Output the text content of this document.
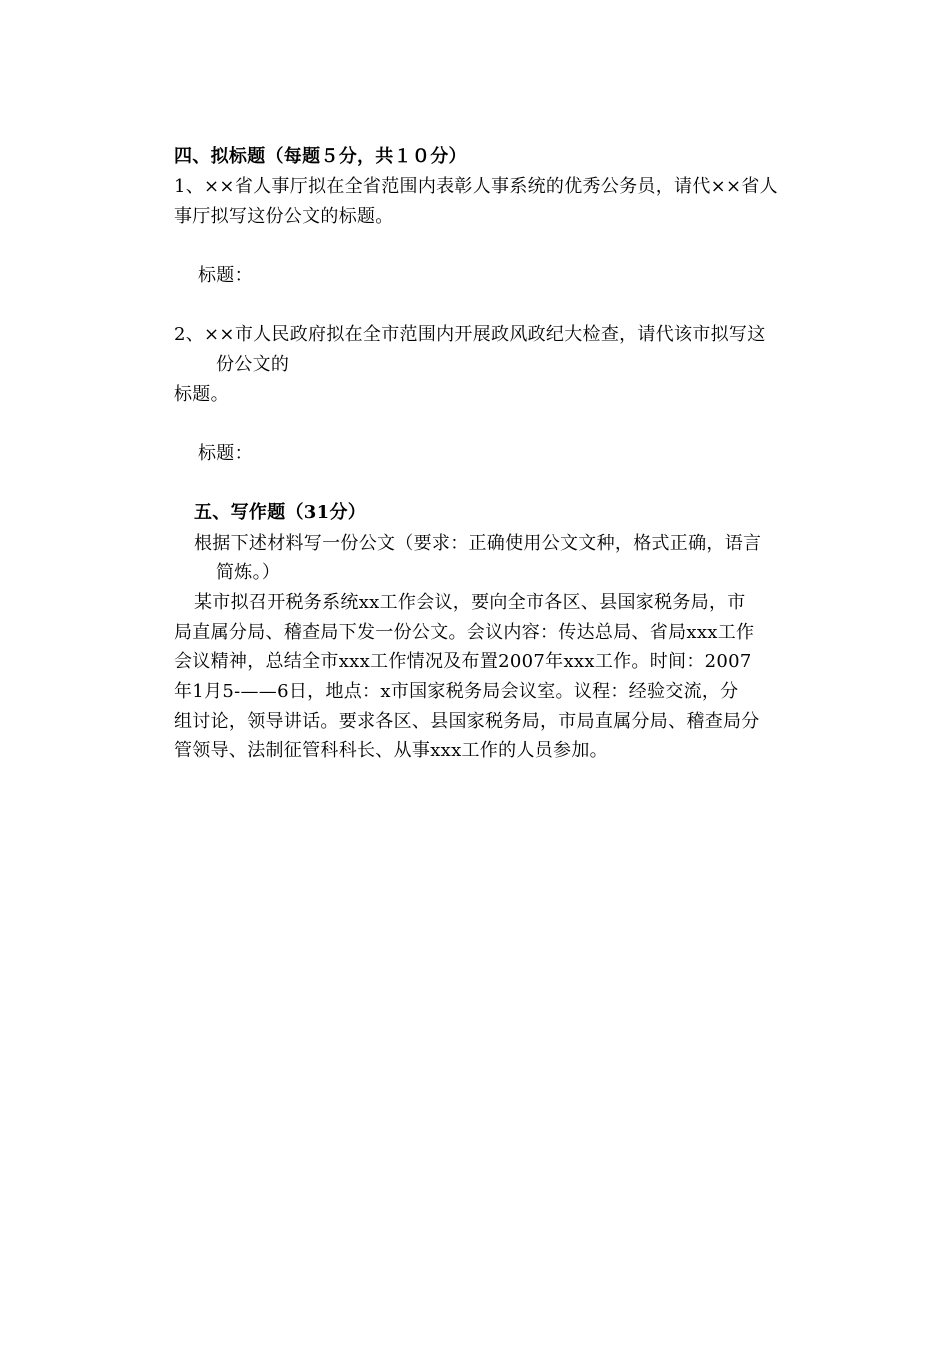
四、拟标题（每题５分，共１０分）
1、××省人事厅拟在全省范围内表彰人事系统的优秀公务员，请代××省人
事厅拟写这份公文的标题。
标题：
2、××市人民政府拟在全市范围内开展政风政纪大检查，请代该市拟写这
份公文的
标题。
标题：
五、写作题（31分）
根据下述材料写一份公文（要求：正确使用公文文种，格式正确，语言
简炼。）
某市拟召开税务系统xx工作会议，要向全市各区、县国家税务局，市
局直属分局、稽查局下发一份公文。会议内容：传达总局、省局xxx工作
会议精神，总结全市xxx工作情况及布置2007年xxx工作。时间：2007
年1月5-——6日，地点：x市国家税务局会议室。议程：经验交流，分
组讨论，领导讲话。要求各区、县国家税务局，市局直属分局、稽查局分
管领导、法制征管科科长、从事xxx工作的人员参加。
